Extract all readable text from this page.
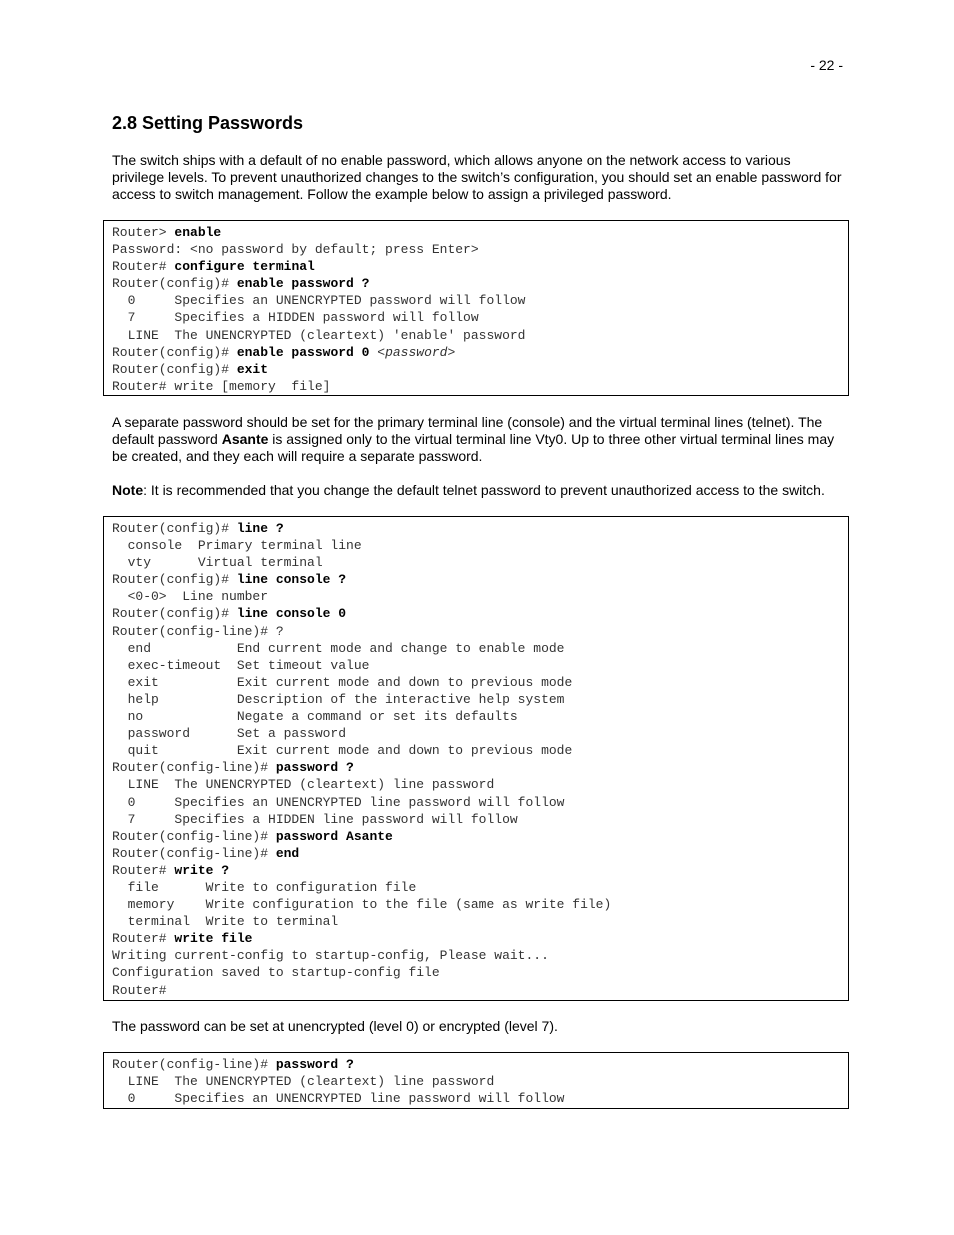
- 22 -
2.8 Setting Passwords

The switch ships with a default of no enable password, which allows anyone on the network access to various privilege levels. To prevent unauthorized changes to the switch’s configuration, you should set an enable password for access to switch management. Follow the example below to assign a privileged password.

Router> enable
Password: <no password by default; press Enter>
Router# configure terminal
Router(config)# enable password ?
0     Specifies an UNENCRYPTED password will follow
7     Specifies a HIDDEN password will follow
LINE  The UNENCRYPTED (cleartext) 'enable' password
Router(config)# enable password 0 <password>
Router(config)# exit
Router# write [memory  file]

A separate password should be set for the primary terminal line (console) and the virtual terminal lines (telnet). The default password Asante is assigned only to the virtual terminal line Vty0. Up to three other virtual terminal lines may be created, and they each will require a separate password.

Note: It is recommended that you change the default telnet password to prevent unauthorized access to the switch.

Router(config)# line ?
console  Primary terminal line
vty      Virtual terminal
Router(config)# line console ?
<0-0>  Line number
Router(config)# line console 0
Router(config-line)# ?
end           End current mode and change to enable mode
exec-timeout  Set timeout value
exit          Exit current mode and down to previous mode
help          Description of the interactive help system
no            Negate a command or set its defaults
password      Set a password
quit          Exit current mode and down to previous mode
Router(config-line)# password ?
LINE  The UNENCRYPTED (cleartext) line password
0     Specifies an UNENCRYPTED line password will follow
7     Specifies a HIDDEN line password will follow
Router(config-line)# password Asante
Router(config-line)# end
Router# write ?
file      Write to configuration file
memory    Write configuration to the file (same as write file)
terminal  Write to terminal
Router# write file
Writing current-config to startup-config, Please wait...
Configuration saved to startup-config file
Router#

The password can be set at unencrypted (level 0) or encrypted (level 7).

Router(config-line)# password ?
LINE  The UNENCRYPTED (cleartext) line password
0     Specifies an UNENCRYPTED line password will follow
